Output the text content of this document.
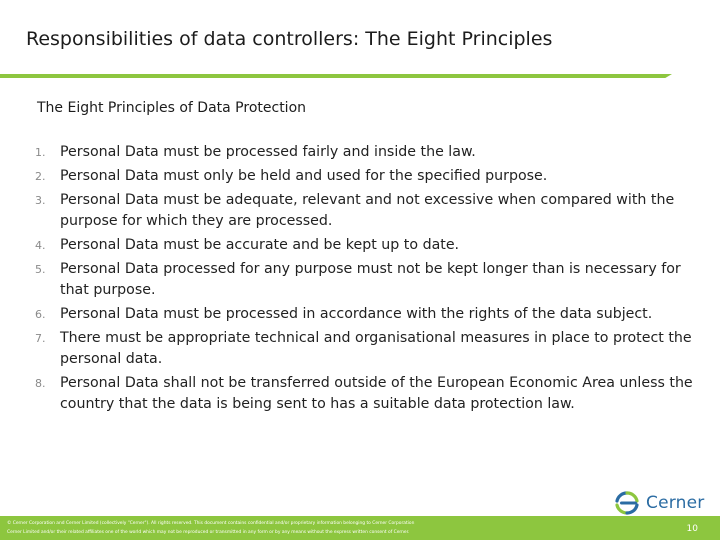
Responsibilities of data controllers: The Eight Principles
The Eight Principles of Data Protection
1.	Personal Data must be processed fairly and inside the law.
2.	Personal Data must only be held and used for the specified purpose.
3.	Personal Data must be adequate, relevant and not excessive when compared with the purpose for which they are processed.
4.	Personal Data must be accurate and be kept up to date.
5.	Personal Data processed for any purpose must not be kept longer than is necessary for that purpose.
6.	Personal Data must be processed in accordance with the rights of the data subject.
7.	There must be appropriate technical and organisational measures in place to protect the personal data.
8.	Personal Data shall not be transferred outside of the European Economic Area unless the country that the data is being sent to has a suitable data protection law.
Cerner
© Cerner Corporation and Cerner Limited (collectively "Cerner"). All rights reserved. This document contains confidential and/or proprietary information belonging to Cerner Corporation
Cerner Limited and/or their related affiliates one of the world which may not be reproduced or transmitted in any form or by any means without the express written consent of Cerner.	10
